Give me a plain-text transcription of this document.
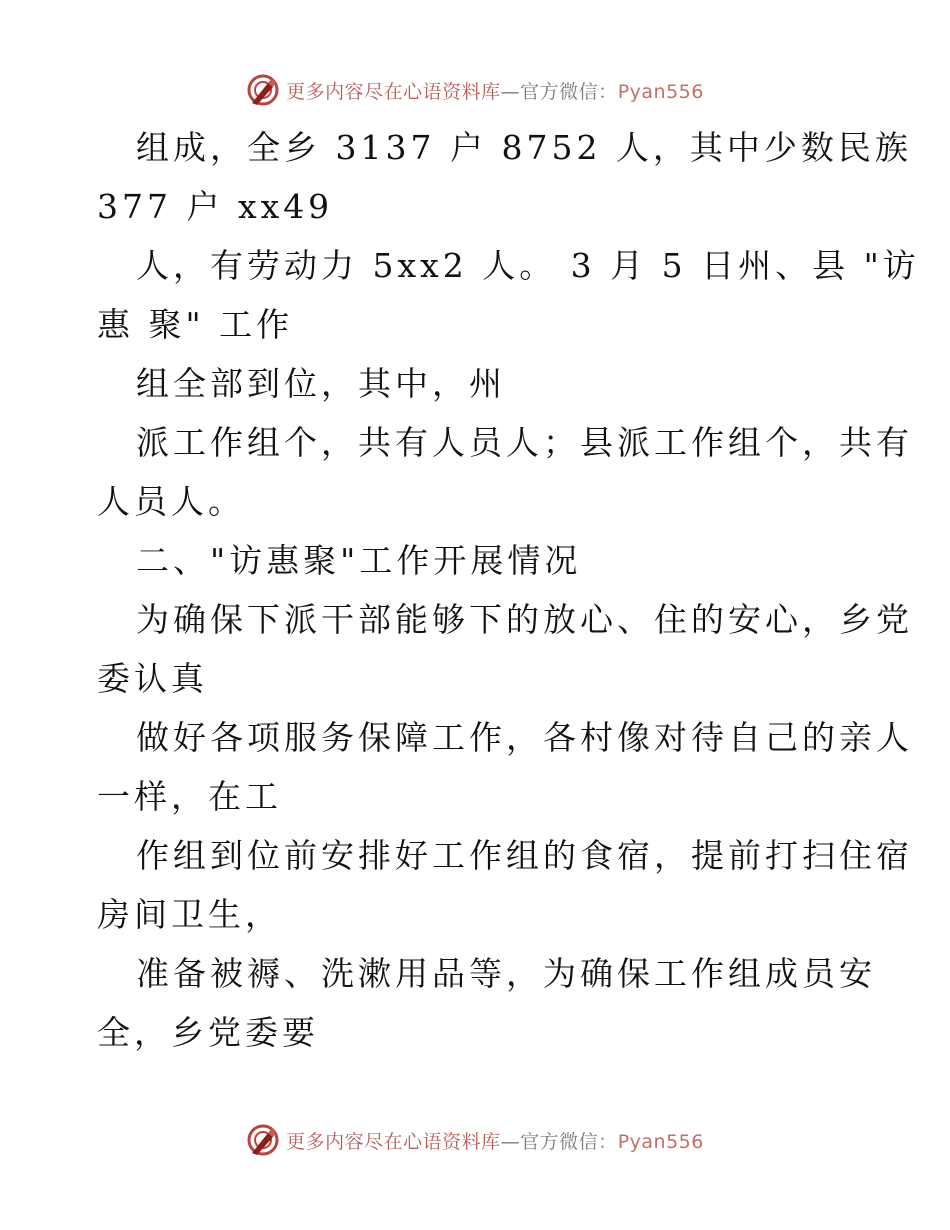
更多内容尽在心语资料库—官方微信：Pyan556
组成，全乡 3137 户 8752 人，其中少数民族
377 户 xx49
人，有劳动力 5xx2 人。 3 月 5 日州、县 "访
惠 聚" 工作
组全部到位，其中，州
派工作组个，共有人员人；县派工作组个，共有
人员人。
二、"访惠聚"工作开展情况
为确保下派干部能够下的放心、住的安心，乡党
委认真
做好各项服务保障工作，各村像对待自己的亲人
一样，在工
作组到位前安排好工作组的食宿，提前打扫住宿
房间卫生，
准备被褥、洗漱用品等，为确保工作组成员安
全，乡党委要
更多内容尽在心语资料库—官方微信：Pyan556
